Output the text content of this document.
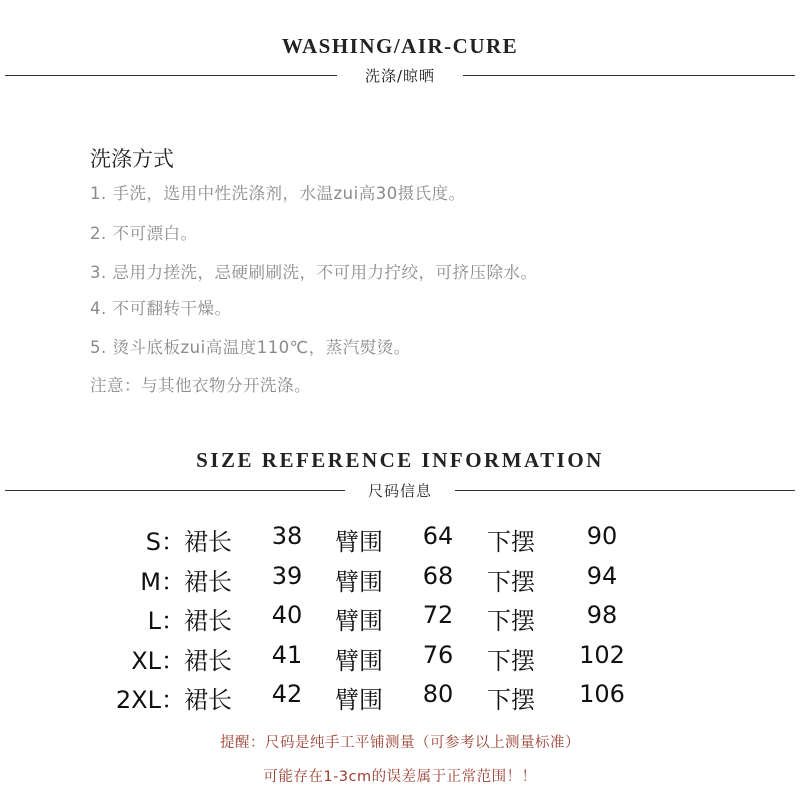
WASHING/AIR-CURE
洗涤/晾晒
洗涤方式
1. 手洗，选用中性洗涤剂，水温zui高30摄氏度。
2. 不可漂白。
3. 忌用力搓洗，忌硬刷刷洗，不可用力拧绞，可挤压除水。
4. 不可翻转干燥。
5. 烫斗底板zui高温度110℃，蒸汽熨烫。
注意：与其他衣物分开洗涤。
SIZE REFERENCE INFORMATION
尺码信息
S： 裙长	38	臂围	64	下摆	90
M： 裙长	39	臂围	68	下摆	94
L： 裙长	40	臂围	72	下摆	98
XL： 裙长	41	臂围	76	下摆 102
2XL： 裙长	42	臂围	80	下摆 106
提醒：尺码是纯手工平铺测量（可参考以上测量标准）
可能存在1-3cm的误差属于正常范围！！
